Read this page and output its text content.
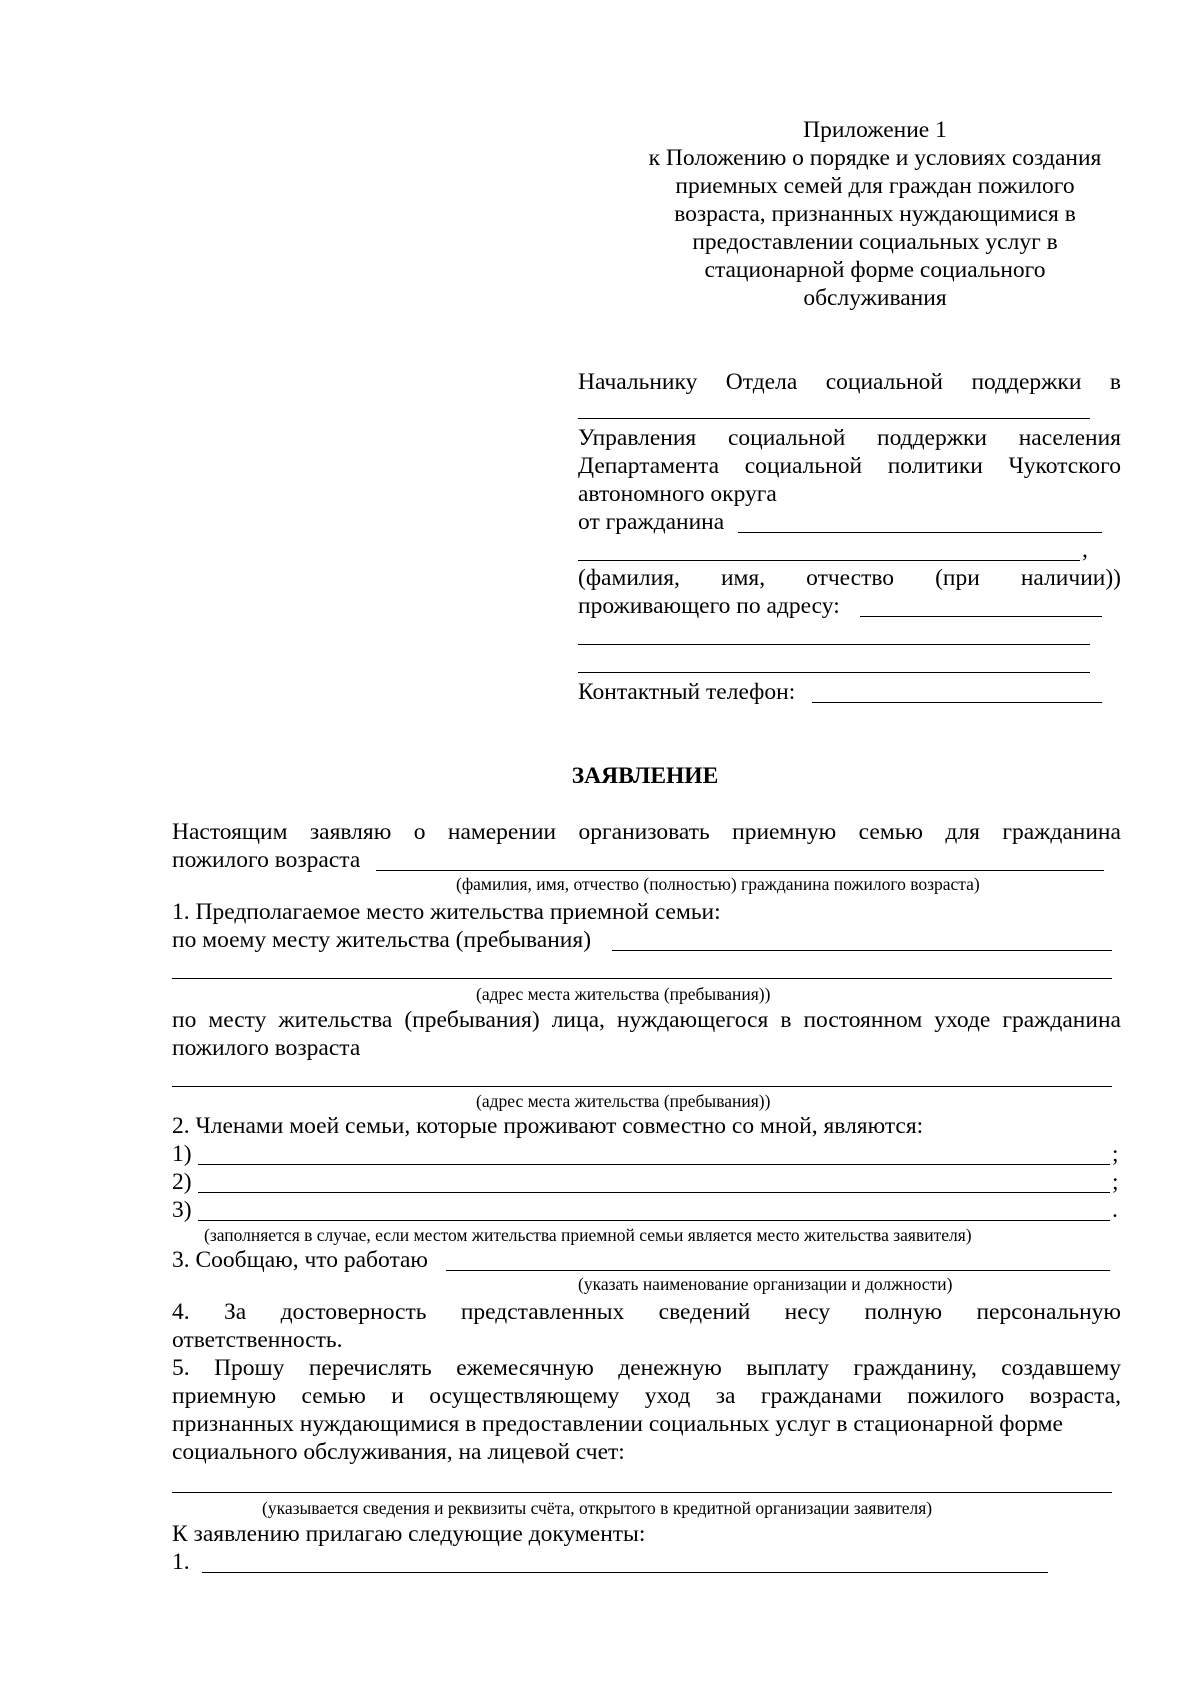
Приложение 1
к Положению о порядке и условиях создания
приемных семей для граждан пожилого
возраста, признанных нуждающимися в
предоставлении социальных услуг в
стационарной форме социального
обслуживания
Начальнику Отдела социальной поддержки в
Управления социальной поддержки населения
Департамента социальной политики Чукотского
автономного округа
от гражданина
,
(фамилия, имя, отчество (при наличии))
проживающего по адресу:
Контактный телефон:
ЗАЯВЛЕНИЕ
Настоящим заявляю о намерении организовать приемную семью для гражданина
пожилого возраста
(фамилия, имя, отчество (полностью) гражданина пожилого возраста)
1. Предполагаемое место жительства приемной семьи:
по моему месту жительства (пребывания)
(адрес места жительства (пребывания))
по месту жительства (пребывания) лица, нуждающегося в постоянном уходе гражданина
пожилого возраста
(адрес места жительства (пребывания))
2. Членами моей семьи, которые проживают совместно со мной, являются:
1)	;
2)	;
3)	.
(заполняется в случае, если местом жительства приемной семьи является место жительства заявителя)
3. Сообщаю, что работаю
(указать наименование организации и должности)
4. За достоверность представленных сведений несу полную персональную
ответственность.
5. Прошу перечислять ежемесячную денежную выплату гражданину, создавшему
приемную семью и осуществляющему уход за гражданами пожилого возраста,
признанных нуждающимися в предоставлении социальных услуг в стационарной форме
социального обслуживания, на лицевой счет:
(указывается сведения и реквизиты счёта, открытого в кредитной организации заявителя)
К заявлению прилагаю следующие документы:
1.
